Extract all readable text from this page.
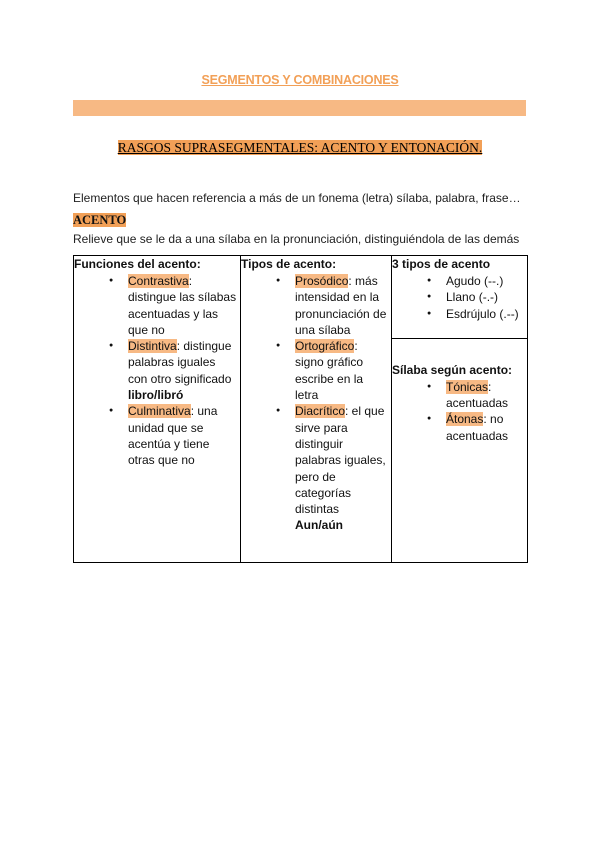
SEGMENTOS Y COMBINACIONES
RASGOS SUPRASEGMENTALES: ACENTO Y ENTONACIÓN.
Elementos que hacen referencia a más de un fonema (letra) sílaba, palabra, frase…
ACENTO
Relieve que se le da a una sílaba en la pronunciación, distinguiéndola de las demás
Funciones del acento:
● Contrastiva: distingue las sílabas acentuadas y las que no
● Distintiva: distingue palabras iguales con otro significado
libro/libró
● Culminativa: una unidad que se acentúa y tiene otras que no

Tipos de acento:
● Prosódico: más intensidad en la pronunciación de una sílaba
● Ortográfico: signo gráfico escribe en la letra
● Diacrítico: el que sirve para distinguir palabras iguales, pero de categorías distintas
Aun/aún

3 tipos de acento
● Agudo (--.)
● Llano (-.-)
● Esdrújulo (.--)
Sílaba según acento:
● Tónicas: acentuadas
● Átonas: no acentuadas
